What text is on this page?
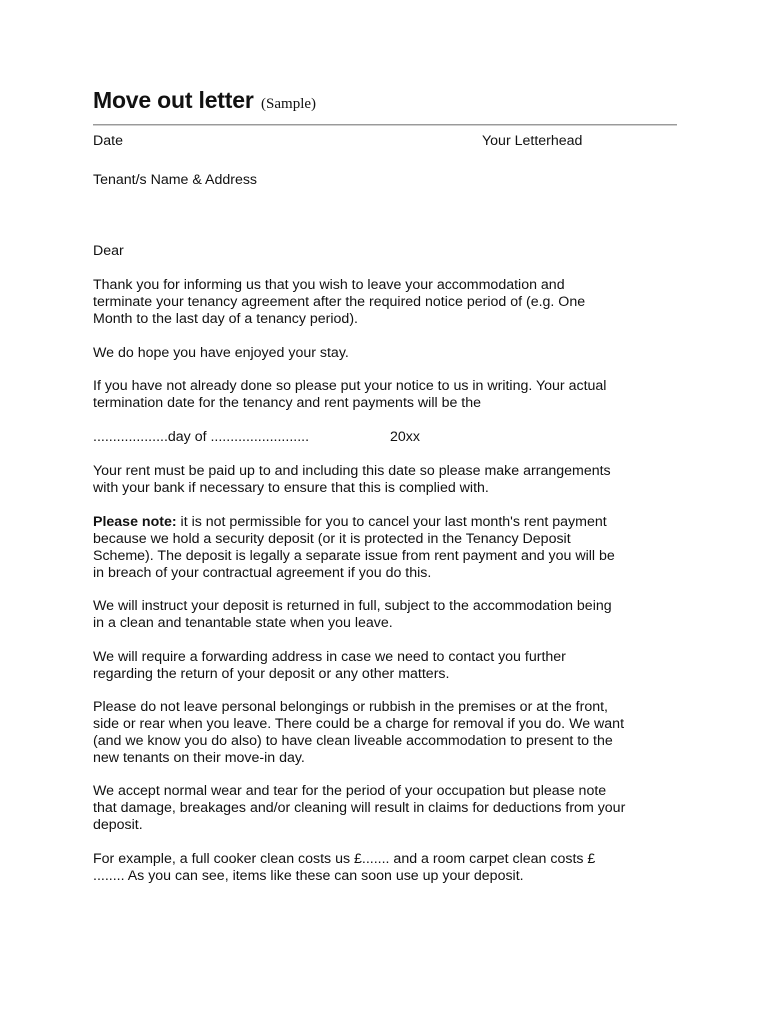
Move out letter (Sample)
Date	Your Letterhead
Tenant/s Name & Address
Dear

Thank you for informing us that you wish to leave your accommodation and

terminate your tenancy agreement after the required notice period of (e.g. One

Month to the last day of a tenancy period).

We do hope you have enjoyed your stay.

If you have not already done so please put your notice to us in writing. Your actual

termination date for the tenancy and rent payments will be the

...................day of .........................	20xx

Your rent must be paid up to and including this date so please make arrangements

with your bank if necessary to ensure that this is complied with.

Please note: it is not permissible for you to cancel your last month's rent payment

because we hold a security deposit (or it is protected in the Tenancy Deposit

Scheme). The deposit is legally a separate issue from rent payment and you will be

in breach of your contractual agreement if you do this.

We will instruct your deposit is returned in full, subject to the accommodation being

in a clean and tenantable state when you leave.

We will require a forwarding address in case we need to contact you further

regarding the return of your deposit or any other matters.

Please do not leave personal belongings or rubbish in the premises or at the front,

side or rear when you leave. There could be a charge for removal if you do. We want

(and we know you do also) to have clean liveable accommodation to present to the

new tenants on their move-in day.

We accept normal wear and tear for the period of your occupation but please note

that damage, breakages and/or cleaning will result in claims for deductions from your

deposit.

For example, a full cooker clean costs us £....... and a room carpet clean costs £

........ As you can see, items like these can soon use up your deposit.
